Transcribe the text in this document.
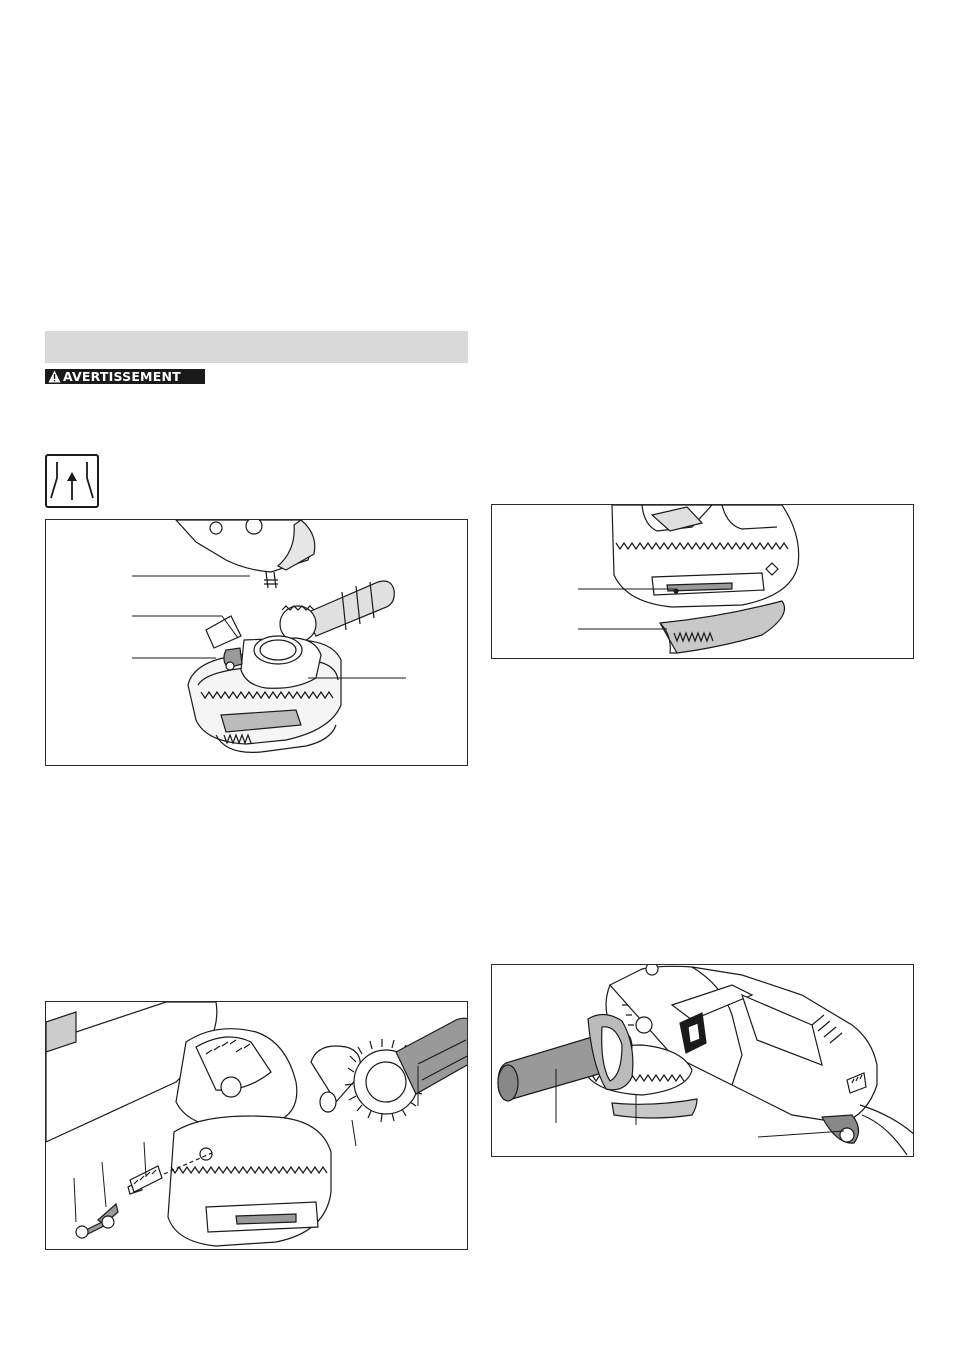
AVERTISSEMENT
